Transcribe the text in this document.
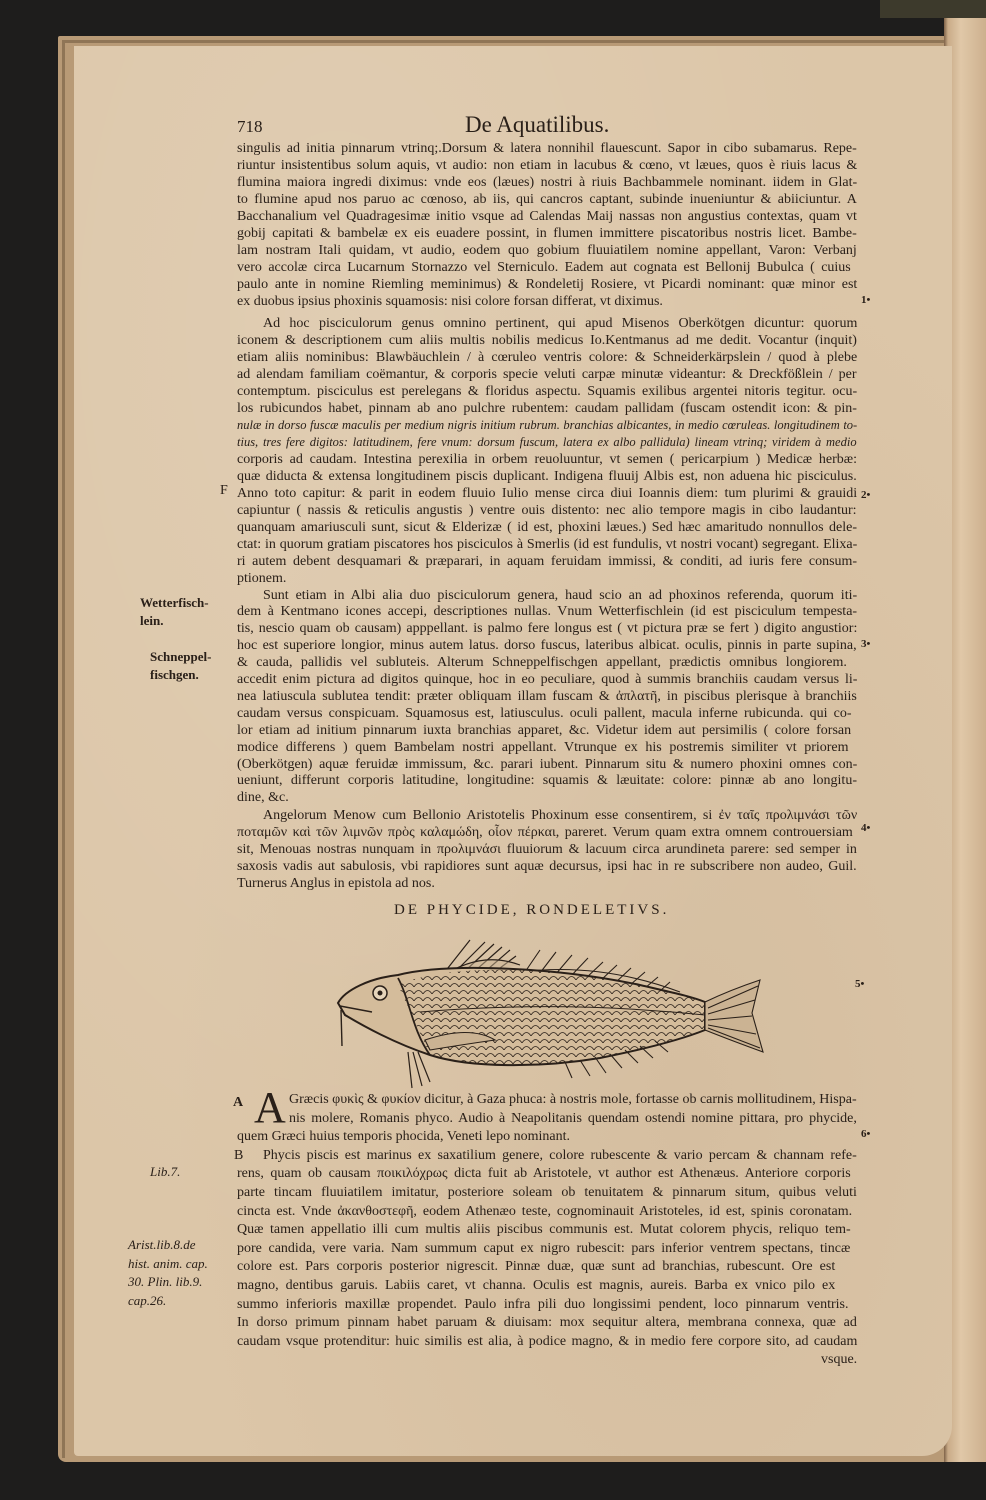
718	De Aquatilibus.
singulis ad initia pinnarum vtrinq;.Dorsum & latera nonnihil flauescunt. Sapor in cibo subamarus. Repe-
riuntur insistentibus solum aquis, vt audio: non etiam in lacubus & cœno, vt læues, quos è riuis lacus &
flumina maiora ingredi diximus: vnde eos (læues) nostri à riuis Bachbammele nominant. iidem in Glat-
to flumine apud nos paruo ac cœnoso, ab iis, qui cancros captant, subinde inueniuntur & abiiciuntur. A
Bacchanalium vel Quadragesimæ initio vsque ad Calendas Maij nassas non angustius contextas, quam vt
gobij capitati & bambelæ ex eis euadere possint, in flumen immittere piscatoribus nostris licet. Bambe-
lam nostram Itali quidam, vt audio, eodem quo gobium fluuiatilem nomine appellant, Varon: Verbanj
vero accolæ circa Lucarnum Stornazzo vel Sterniculo. Eadem aut cognata est Bellonij Bubulca ( cuius
paulo ante in nomine Riemling meminimus) & Rondeletij Rosiere, vt Picardi nominant: quæ minor est
ex duobus ipsius phoxinis squamosis: nisi colore forsan differat, vt diximus.
Ad hoc pisciculorum genus omnino pertinent, qui apud Misenos Oberkötgen dicuntur: quorum
iconem & descriptionem cum aliis multis nobilis medicus Io.Kentmanus ad me dedit. Vocantur (inquit)
etiam aliis nominibus: Blawbäuchlein / à cœruleo ventris colore: & Schneiderkärpslein / quod à plebe
ad alendam familiam coëmantur, & corporis specie veluti carpæ minutæ videantur: & Dreckfößlein / per
contemptum. pisciculus est perelegans & floridus aspectu. Squamis exilibus argentei nitoris tegitur. ocu-
los rubicundos habet, pinnam ab ano pulchre rubentem: caudam pallidam (fuscam ostendit icon: & pin-
nulæ in dorso fuscæ maculis per medium nigris initium rubrum. branchias albicantes, in medio cœruleas. longitudinem to-
tius, tres fere digitos: latitudinem, fere vnum: dorsum fuscum, latera ex albo pallidula) lineam vtrinq; viridem à medio
corporis ad caudam. Intestina perexilia in orbem reuoluuntur, vt semen ( pericarpium ) Medicæ herbæ:
quæ diducta & extensa longitudinem piscis duplicant. Indigena fluuij Albis est, non aduena hic pisciculus.
Anno toto capitur: & parit in eodem fluuio Iulio mense circa diui Ioannis diem: tum plurimi & grauidi
capiuntur ( nassis & reticulis angustis ) ventre ouis distento: nec alio tempore magis in cibo laudantur:
quanquam amariusculi sunt, sicut & Elderizæ ( id est, phoxini læues.) Sed hæc amaritudo nonnullos dele-
ctat: in quorum gratiam piscatores hos pisciculos à Smerlis (id est fundulis, vt nostri vocant) segregant. Elixa-
ri autem debent desquamari & præparari, in aquam feruidam immissi, & conditi, ad iuris fere consum-
ptionem.
Sunt etiam in Albi alia duo pisciculorum genera, haud scio an ad phoxinos referenda, quorum iti-
dem à Kentmano icones accepi, descriptiones nullas. Vnum Wetterfischlein (id est pisciculum tempesta-
tis, nescio quam ob causam) apppellant. is palmo fere longus est ( vt pictura præ se fert ) digito angustior:
hoc est superiore longior, minus autem latus. dorso fuscus, lateribus albicat. oculis, pinnis in parte supina,
& cauda, pallidis vel subluteis. Alterum Schneppelfischgen appellant, prædictis omnibus longiorem.
accedit enim pictura ad digitos quinque, hoc in eo peculiare, quod à summis branchiis caudam versus li-
nea latiuscula sublutea tendit: præter obliquam illam fuscam & ἀπλατῆ, in piscibus plerisque à branchiis
caudam versus conspicuam. Squamosus est, latiusculus. oculi pallent, macula inferne rubicunda. qui co-
lor etiam ad initium pinnarum iuxta branchias apparet, &c. Videtur idem aut persimilis ( colore forsan
modice differens ) quem Bambelam nostri appellant. Vtrunque ex his postremis similiter vt priorem
(Oberkötgen) aquæ feruidæ immissum, &c. parari iubent. Pinnarum situ & numero phoxini omnes con-
ueniunt, differunt corporis latitudine, longitudine: squamis & læuitate: colore: pinnæ ab ano longitu-
dine, &c.
Angelorum Menow cum Bellonio Aristotelis Phoxinum esse consentirem, si ἐν ταῖς προλιμνάσι τῶν
ποταμῶν καὶ τῶν λιμνῶν πρὸς καλαμώδη, οἷον πέρκαι, pareret. Verum quam extra omnem controuersiam
sit, Menouas nostras nunquam in προλιμνάσι fluuiorum & lacuum circa arundineta parere: sed semper in
saxosis vadis aut sabulosis, vbi rapidiores sunt aquæ decursus, ipsi hac in re subscribere non audeo, Guil.
Turnerus Anglus in epistola ad nos.
Græcis φυκὶς & φυκίον dicitur, à Gaza phuca: à nostris mole, fortasse ob carnis mollitudinem, Hispa-
nis molere, Romanis phyco. Audio à Neapolitanis quendam ostendi nomine pittara, pro phycide,
quem Græci huius temporis phocida, Veneti lepo nominant.
Phycis piscis est marinus ex saxatilium genere, colore rubescente & vario percam & channam refe-
rens, quam ob causam ποικιλόχρως dicta fuit ab Aristotele, vt author est Athenæus. Anteriore corporis
parte tincam fluuiatilem imitatur, posteriore soleam ob tenuitatem & pinnarum situm, quibus veluti
cincta est. Vnde ἀκανθοστεφῆ, eodem Athenæo teste, cognominauit Aristoteles, id est, spinis coronatam.
Quæ tamen appellatio illi cum multis aliis piscibus communis est. Mutat colorem phycis, reliquo tem-
pore candida, vere varia. Nam summum caput ex nigro rubescit: pars inferior ventrem spectans, tincæ
colore est. Pars corporis posterior nigrescit. Pinnæ duæ, quæ sunt ad branchias, rubescunt. Ore est
magno, dentibus garuis. Labiis caret, vt channa. Oculis est magnis, aureis. Barba ex vnico pilo ex
summo inferioris maxillæ propendet. Paulo infra pili duo longissimi pendent, loco pinnarum ventris.
In dorso primum pinnam habet paruam & diuisam: mox sequitur altera, membrana connexa, quæ ad
caudam vsque protenditur: huic similis est alia, à podice magno, & in medio fere corpore sito, ad caudam
vsque.
A
DE PHYCIDE, RONDELETIVS.
Wetterfisch-
lein.
Schneppel-
fischgen.
F
A
B
Lib.7.
Arist.lib.8.de
hist. anim. cap.
30. Plin. lib.9.
cap.26.
1•
2•
3•
4•
5•
6•
